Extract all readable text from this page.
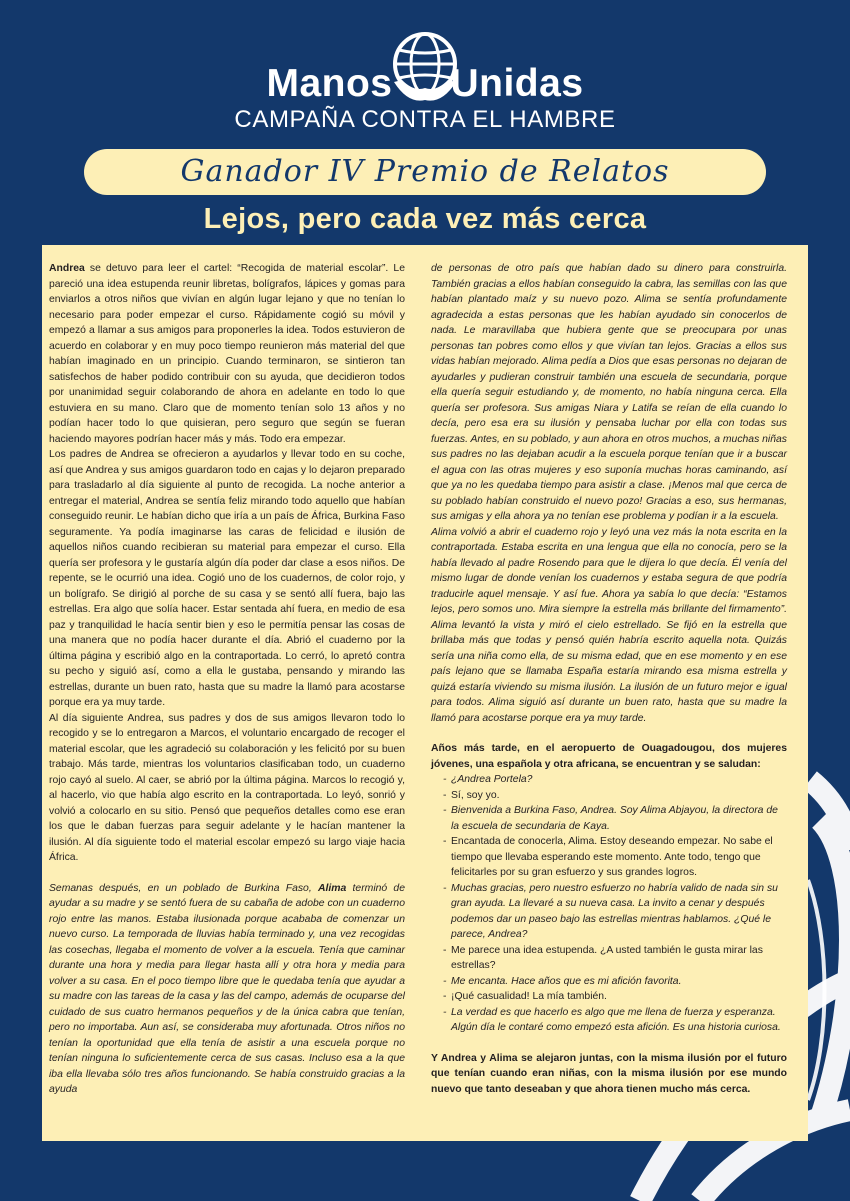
Manos Unidas
CAMPAÑA CONTRA EL HAMBRE
Ganador IV Premio de Relatos
Lejos, pero cada vez más cerca

Andrea se detuvo para leer el cartel: “Recogida de material escolar”. Le pareció una idea estupenda reunir libretas, bolígrafos, lápices y gomas para enviarlos a otros niños que vivían en algún lugar lejano y que no tenían lo necesario para poder empezar el curso. Rápidamente cogió su móvil y empezó a llamar a sus amigos para proponerles la idea. Todos estuvieron de acuerdo en colaborar y en muy poco tiempo reunieron más material del que habían imaginado en un principio. Cuando terminaron, se sintieron tan satisfechos de haber podido contribuir con su ayuda, que decidieron todos por unanimidad seguir colaborando de ahora en adelante en todo lo que estuviera en su mano. Claro que de momento tenían solo 13 años y no podían hacer todo lo que quisieran, pero seguro que según se fueran haciendo mayores podrían hacer más y más. Todo era empezar.

Los padres de Andrea se ofrecieron a ayudarlos y llevar todo en su coche, así que Andrea y sus amigos guardaron todo en cajas y lo dejaron preparado para trasladarlo al día siguiente al punto de recogida. La noche anterior a entregar el material, Andrea se sentía feliz mirando todo aquello que habían conseguido reunir. Le habían dicho que iría a un país de África, Burkina Faso seguramente. Ya podía imaginarse las caras de felicidad e ilusión de aquellos niños cuando recibieran su material para empezar el curso. Ella quería ser profesora y le gustaría algún día poder dar clase a esos niños. De repente, se le ocurrió una idea. Cogió uno de los cuadernos, de color rojo, y un bolígrafo. Se dirigió al porche de su casa y se sentó allí fuera, bajo las estrellas. Era algo que solía hacer. Estar sentada ahí fuera, en medio de esa paz y tranquilidad le hacía sentir bien y eso le permitía pensar las cosas de una manera que no podía hacer durante el día. Abrió el cuaderno por la última página y escribió algo en la contraportada. Lo cerró, lo apretó contra su pecho y siguió así, como a ella le gustaba, pensando y mirando las estrellas, durante un buen rato, hasta que su madre la llamó para acostarse porque era ya muy tarde.

Al día siguiente Andrea, sus padres y dos de sus amigos llevaron todo lo recogido y se lo entregaron a Marcos, el voluntario encargado de recoger el material escolar, que les agradeció su colaboración y les felicitó por su buen trabajo. Más tarde, mientras los voluntarios clasificaban todo, un cuaderno rojo cayó al suelo. Al caer, se abrió por la última página. Marcos lo recogió y, al hacerlo, vio que había algo escrito en la contraportada. Lo leyó, sonrió y volvió a colocarlo en su sitio. Pensó que pequeños detalles como ese eran los que le daban fuerzas para seguir adelante y le hacían mantener la ilusión. Al día siguiente todo el material escolar empezó su largo viaje hacia África.

Semanas después, en un poblado de Burkina Faso, Alima terminó de ayudar a su madre y se sentó fuera de su cabaña de adobe con un cuaderno rojo entre las manos. Estaba ilusionada porque acababa de comenzar un nuevo curso. La temporada de lluvias había terminado y, una vez recogidas las cosechas, llegaba el momento de volver a la escuela. Tenía que caminar durante una hora y media para llegar hasta allí y otra hora y media para volver a su casa. En el poco tiempo libre que le quedaba tenía que ayudar a su madre con las tareas de la casa y las del campo, además de ocuparse del cuidado de sus cuatro hermanos pequeños y de la única cabra que tenían, pero no importaba. Aun así, se consideraba muy afortunada. Otros niños no tenían la oportunidad que ella tenía de asistir a una escuela porque no tenían ninguna lo suficientemente cerca de sus casas. Incluso esa a la que iba ella llevaba sólo tres años funcionando. Se había construido gracias a la ayuda

de personas de otro país que habían dado su dinero para construirla. También gracias a ellos habían conseguido la cabra, las semillas con las que habían plantado maíz y su nuevo pozo. Alima se sentía profundamente agradecida a estas personas que les habían ayudado sin conocerlos de nada. Le maravillaba que hubiera gente que se preocupara por unas personas tan pobres como ellos y que vivían tan lejos. Gracias a ellos sus vidas habían mejorado. Alima pedía a Dios que esas personas no dejaran de ayudarles y pudieran construir también una escuela de secundaria, porque ella quería seguir estudiando y, de momento, no había ninguna cerca. Ella quería ser profesora. Sus amigas Niara y Latifa se reían de ella cuando lo decía, pero esa era su ilusión y pensaba luchar por ella con todas sus fuerzas. Antes, en su poblado, y aun ahora en otros muchos, a muchas niñas sus padres no las dejaban acudir a la escuela porque tenían que ir a buscar el agua con las otras mujeres y eso suponía muchas horas caminando, así que ya no les quedaba tiempo para asistir a clase. ¡Menos mal que cerca de su poblado habían construido el nuevo pozo! Gracias a eso, sus hermanas, sus amigas y ella ahora ya no tenían ese problema y podían ir a la escuela.

Alima volvió a abrir el cuaderno rojo y leyó una vez más la nota escrita en la contraportada. Estaba escrita en una lengua que ella no conocía, pero se la había llevado al padre Rosendo para que le dijera lo que decía. Él venía del mismo lugar de donde venían los cuadernos y estaba segura de que podría traducirle aquel mensaje. Y así fue. Ahora ya sabía lo que decía: “Estamos lejos, pero somos uno. Mira siempre la estrella más brillante del firmamento”. Alima levantó la vista y miró el cielo estrellado. Se fijó en la estrella que brillaba más que todas y pensó quién habría escrito aquella nota. Quizás sería una niña como ella, de su misma edad, que en ese momento y en ese país lejano que se llamaba España estaría mirando esa misma estrella y quizá estaría viviendo su misma ilusión. La ilusión de un futuro mejor e igual para todos. Alima siguió así durante un buen rato, hasta que su madre la llamó para acostarse porque era ya muy tarde.

Años más tarde, en el aeropuerto de Ouagadougou, dos mujeres jóvenes, una española y otra africana, se encuentran y se saludan:

- ¿Andrea Portela?
- Sí, soy yo.
- Bienvenida a Burkina Faso, Andrea. Soy Alima Abjayou, la directora de la escuela de secundaria de Kaya.
- Encantada de conocerla, Alima. Estoy deseando empezar. No sabe el tiempo que llevaba esperando este momento. Ante todo, tengo que felicitarles por su gran esfuerzo y sus grandes logros.
- Muchas gracias, pero nuestro esfuerzo no habría valido de nada sin su gran ayuda. La llevaré a su nueva casa. La invito a cenar y después podemos dar un paseo bajo las estrellas mientras hablamos. ¿Qué le parece, Andrea?
- Me parece una idea estupenda. ¿A usted también le gusta mirar las estrellas?
- Me encanta. Hace años que es mi afición favorita.
- ¡Qué casualidad! La mía también.
- La verdad es que hacerlo es algo que me llena de fuerza y esperanza. Algún día le contaré como empezó esta afición. Es una historia curiosa.

Y Andrea y Alima se alejaron juntas, con la misma ilusión por el futuro que tenían cuando eran niñas, con la misma ilusión por ese mundo nuevo que tanto deseaban y que ahora tienen mucho más cerca.
